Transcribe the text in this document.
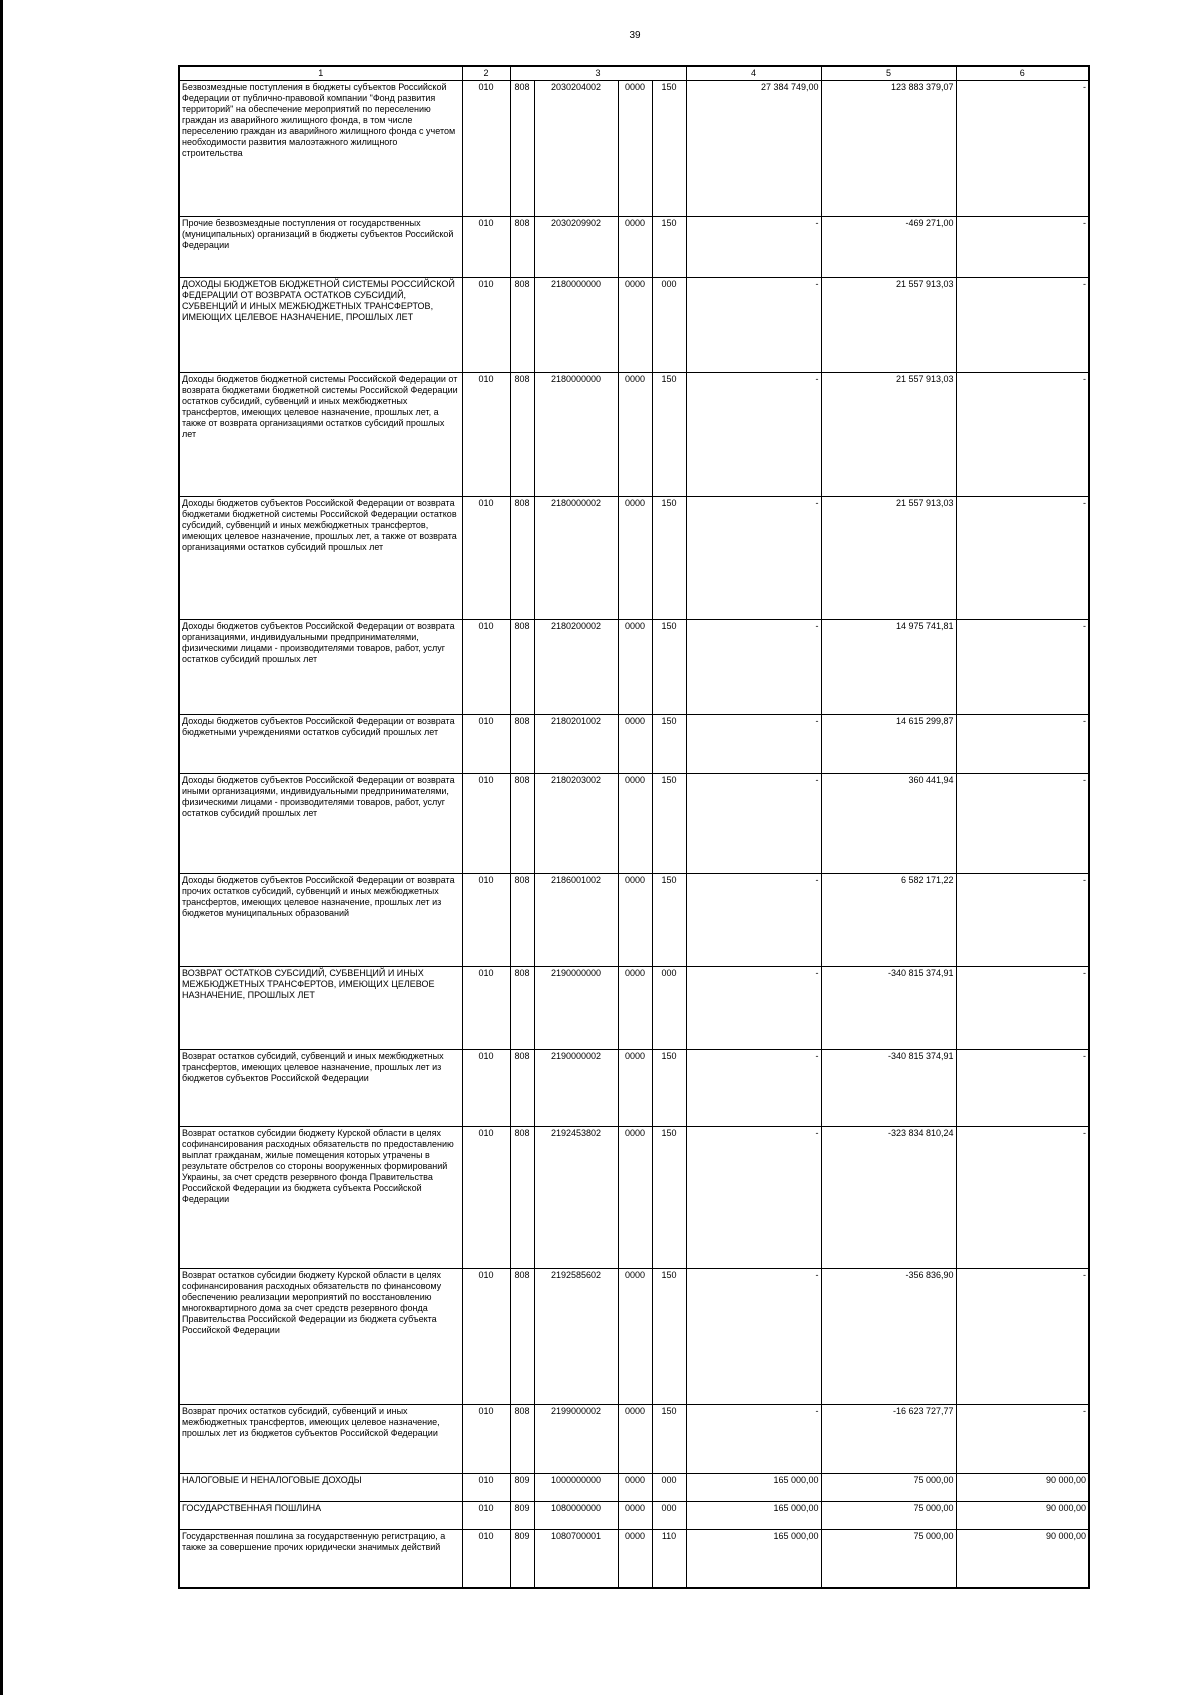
39
1	2	3				4	5	6
Безвозмездные поступления в бюджеты субъектов Российской Федерации от публично-правовой компании "Фонд развития территорий" на обеспечение мероприятий по переселению граждан из аварийного жилищного фонда, в том числе переселению граждан из аварийного жилищного фонда с учетом необходимости развития малоэтажного жилищного строительства	010	808	2030204002	0000	150	27 384 749,00	123 883 379,07	-
Прочие безвозмездные поступления от государственных (муниципальных) организаций в бюджеты субъектов Российской Федерации	010	808	2030209902	0000	150	-	-469 271,00	-
ДОХОДЫ БЮДЖЕТОВ БЮДЖЕТНОЙ СИСТЕМЫ РОССИЙСКОЙ ФЕДЕРАЦИИ ОТ ВОЗВРАТА ОСТАТКОВ СУБСИДИЙ, СУБВЕНЦИЙ И ИНЫХ МЕЖБЮДЖЕТНЫХ ТРАНСФЕРТОВ, ИМЕЮЩИХ ЦЕЛЕВОЕ НАЗНАЧЕНИЕ, ПРОШЛЫХ ЛЕТ	010	808	2180000000	0000	000	-	21 557 913,03	-
Доходы бюджетов бюджетной системы Российской Федерации от возврата бюджетами бюджетной системы Российской Федерации остатков субсидий, субвенций и иных межбюджетных трансфертов, имеющих целевое назначение, прошлых лет, а также от возврата организациями остатков субсидий прошлых лет	010	808	2180000000	0000	150	-	21 557 913,03	-
Доходы бюджетов субъектов Российской Федерации от возврата бюджетами бюджетной системы Российской Федерации остатков субсидий, субвенций и иных межбюджетных трансфертов, имеющих целевое назначение, прошлых лет, а также от возврата организациями остатков субсидий прошлых лет	010	808	2180000002	0000	150	-	21 557 913,03	-
Доходы бюджетов субъектов Российской Федерации от возврата организациями, индивидуальными предпринимателями, физическими лицами - производителями товаров, работ, услуг остатков субсидий прошлых лет	010	808	2180200002	0000	150	-	14 975 741,81	-
Доходы бюджетов субъектов Российской Федерации от возврата бюджетными учреждениями остатков субсидий прошлых лет	010	808	2180201002	0000	150	-	14 615 299,87	-
Доходы бюджетов субъектов Российской Федерации от возврата иными организациями, индивидуальными предпринимателями, физическими лицами - производителями товаров, работ, услуг остатков субсидий прошлых лет	010	808	2180203002	0000	150	-	360 441,94	-
Доходы бюджетов субъектов Российской Федерации от возврата прочих остатков субсидий, субвенций и иных межбюджетных трансфертов, имеющих целевое назначение, прошлых лет из бюджетов муниципальных образований	010	808	2186001002	0000	150	-	6 582 171,22	-
ВОЗВРАТ ОСТАТКОВ СУБСИДИЙ, СУБВЕНЦИЙ И ИНЫХ МЕЖБЮДЖЕТНЫХ ТРАНСФЕРТОВ, ИМЕЮЩИХ ЦЕЛЕВОЕ НАЗНАЧЕНИЕ, ПРОШЛЫХ ЛЕТ	010	808	2190000000	0000	000	-	-340 815 374,91	-
Возврат остатков субсидий, субвенций и иных межбюджетных трансфертов, имеющих целевое назначение, прошлых лет из бюджетов субъектов Российской Федерации	010	808	2190000002	0000	150	-	-340 815 374,91	-
Возврат остатков субсидии бюджету Курской области в целях софинансирования расходных обязательств по предоставлению выплат гражданам, жилые помещения которых утрачены в результате обстрелов со стороны вооруженных формирований Украины, за счет средств резервного фонда Правительства Российской Федерации из бюджета субъекта Российской Федерации	010	808	2192453802	0000	150	-	-323 834 810,24	-
Возврат остатков субсидии бюджету Курской области в целях софинансирования расходных обязательств по финансовому обеспечению реализации мероприятий по восстановлению многоквартирного дома за счет средств резервного фонда Правительства Российской Федерации из бюджета субъекта Российской Федерации	010	808	2192585602	0000	150	-	-356 836,90	-
Возврат прочих остатков субсидий, субвенций и иных межбюджетных трансфертов, имеющих целевое назначение, прошлых лет из бюджетов субъектов Российской Федерации	010	808	2199000002	0000	150	-	-16 623 727,77	-
НАЛОГОВЫЕ И НЕНАЛОГОВЫЕ ДОХОДЫ	010	809	1000000000	0000	000	165 000,00	75 000,00	90 000,00
ГОСУДАРСТВЕННАЯ ПОШЛИНА	010	809	1080000000	0000	000	165 000,00	75 000,00	90 000,00
Государственная пошлина за государственную регистрацию, а также за совершение прочих юридически значимых действий	010	809	1080700001	0000	110	165 000,00	75 000,00	90 000,00
